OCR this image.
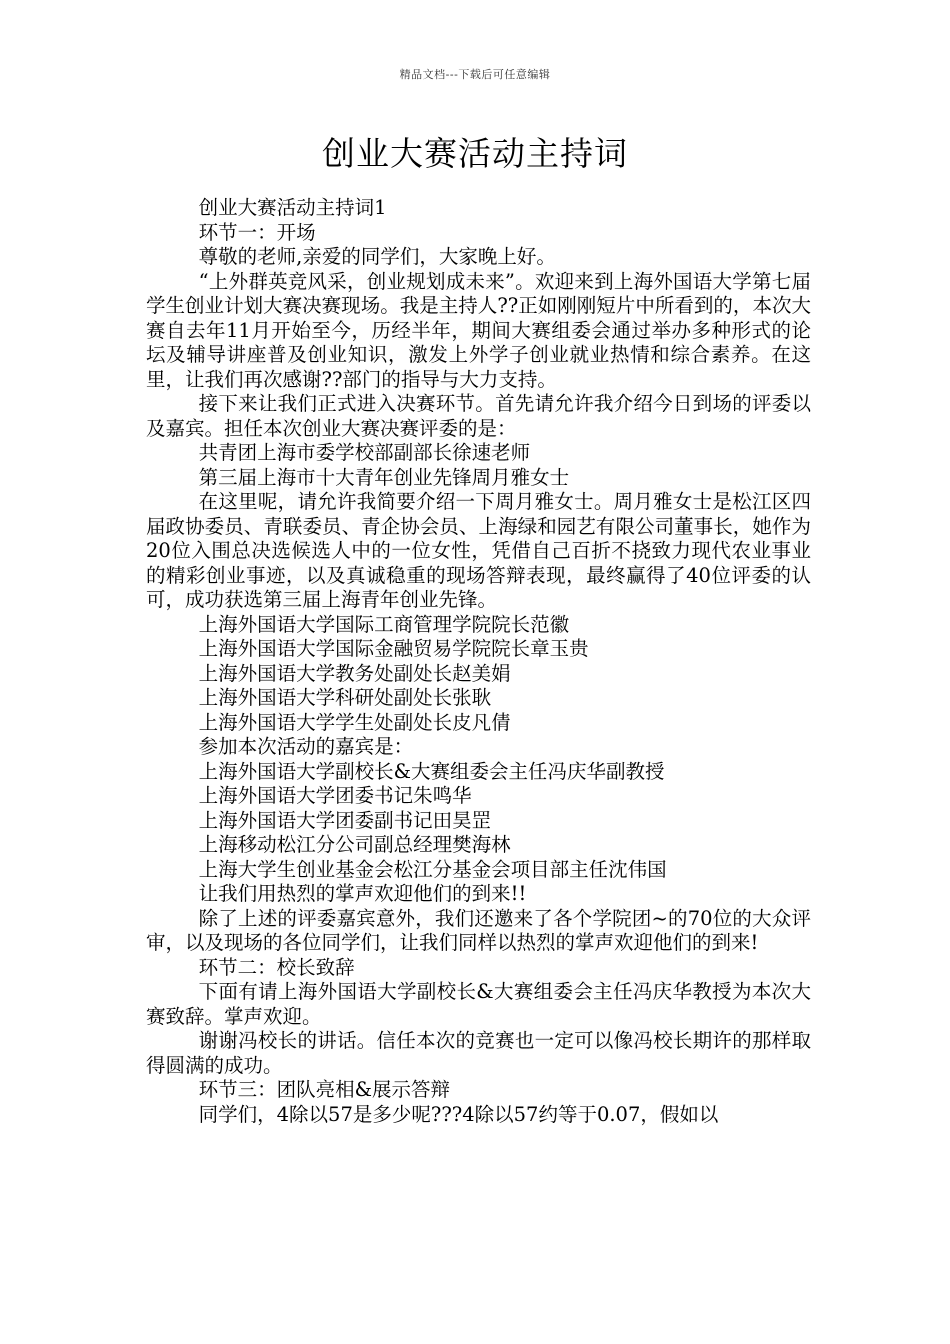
精品文档---下载后可任意编辑
创业大赛活动主持词

创业大赛活动主持词1

环节一：开场

尊敬的老师,亲爱的同学们，大家晚上好。

“上外群英竞风采，创业规划成未来”。欢迎来到上海外国语大学第七届学生创业计划大赛决赛现场。我是主持人??正如刚刚短片中所看到的，本次大赛自去年11月开始至今，历经半年，期间大赛组委会通过举办多种形式的论坛及辅导讲座普及创业知识，激发上外学子创业就业热情和综合素养。在这里，让我们再次感谢??部门的指导与大力支持。

接下来让我们正式进入决赛环节。首先请允许我介绍今日到场的评委以及嘉宾。担任本次创业大赛决赛评委的是：

共青团上海市委学校部副部长徐速老师

第三届上海市十大青年创业先锋周月雅女士

在这里呢，请允许我简要介绍一下周月雅女士。周月雅女士是松江区四届政协委员、青联委员、青企协会员、上海绿和园艺有限公司董事长，她作为20位入围总决选候选人中的一位女性，凭借自己百折不挠致力现代农业事业的精彩创业事迹，以及真诚稳重的现场答辩表现，最终赢得了40位评委的认可，成功获选第三届上海青年创业先锋。

上海外国语大学国际工商管理学院院长范徽

上海外国语大学国际金融贸易学院院长章玉贵

上海外国语大学教务处副处长赵美娟

上海外国语大学科研处副处长张耿

上海外国语大学学生处副处长皮凡倩

参加本次活动的嘉宾是：

上海外国语大学副校长&大赛组委会主任冯庆华副教授

上海外国语大学团委书记朱鸣华

上海外国语大学团委副书记田昊罡

上海移动松江分公司副总经理樊海林

上海大学生创业基金会松江分基金会项目部主任沈伟国

让我们用热烈的掌声欢迎他们的到来!!

除了上述的评委嘉宾意外，我们还邀来了各个学院团~的70位的大众评审，以及现场的各位同学们，让我们同样以热烈的掌声欢迎他们的到来!

环节二：校长致辞

下面有请上海外国语大学副校长&大赛组委会主任冯庆华教授为本次大赛致辞。掌声欢迎。

谢谢冯校长的讲话。信任本次的竞赛也一定可以像冯校长期许的那样取得圆满的成功。

环节三：团队亮相&展示答辩

同学们，4除以57是多少呢???4除以57约等于0.07，假如以
